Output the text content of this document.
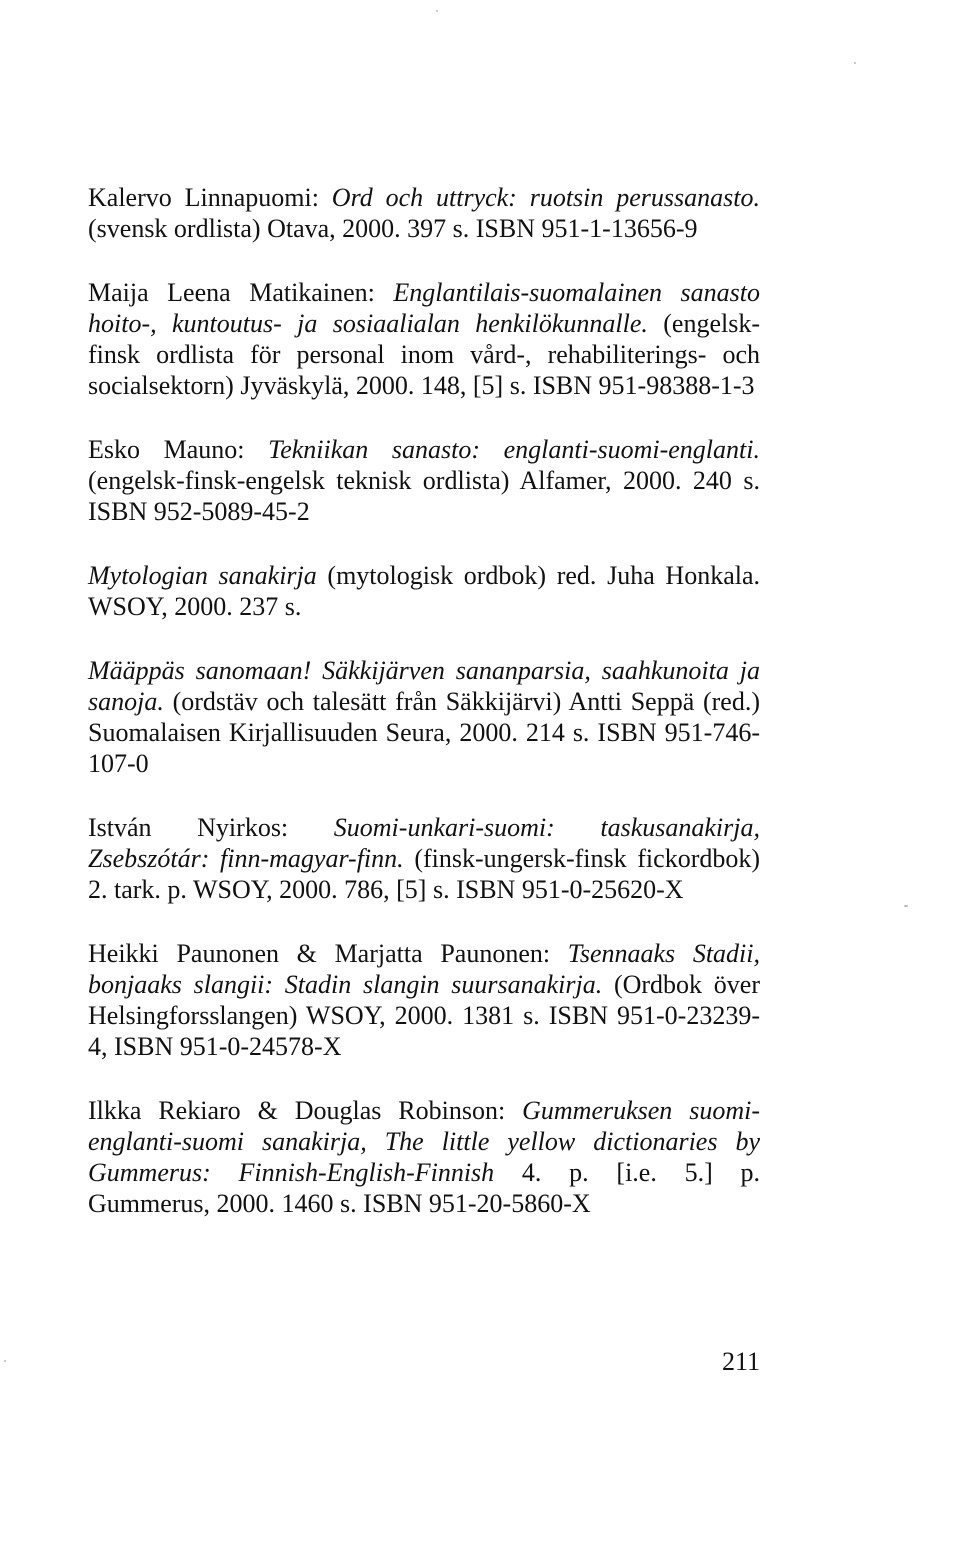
Kalervo Linnapuomi: Ord och uttryck: ruotsin perussanasto. (svensk ordlista) Otava, 2000. 397 s. ISBN 951-1-13656-9

Maija Leena Matikainen: Englantilais-suomalainen sanasto hoito-, kuntoutus- ja sosiaalialan henkilökunnalle. (engelsk-finsk ordlista för personal inom vård-, rehabiliterings- och socialsektorn) Jyväskylä, 2000. 148, [5] s. ISBN 951-98388-1-3

Esko Mauno: Tekniikan sanasto: englanti-suomi-englanti. (engelsk-finsk-engelsk teknisk ordlista) Alfamer, 2000. 240 s. ISBN 952-5089-45-2

Mytologian sanakirja (mytologisk ordbok) red. Juha Honkala. WSOY, 2000. 237 s.

Määppäs sanomaan! Säkkijärven sananparsia, saahkunoita ja sanoja. (ordstäv och talesätt från Säkkijärvi) Antti Seppä (red.) Suomalaisen Kirjallisuuden Seura, 2000. 214 s. ISBN 951-746-107-0

István Nyirkos: Suomi-unkari-suomi: taskusanakirja, Zsebszótár: finn-magyar-finn. (finsk-ungersk-finsk fickordbok) 2. tark. p. WSOY, 2000. 786, [5] s. ISBN 951-0-25620-X

Heikki Paunonen & Marjatta Paunonen: Tsennaaks Stadii, bonjaaks slangii: Stadin slangin suursanakirja. (Ordbok över Helsingforsslangen) WSOY, 2000. 1381 s. ISBN 951-0-23239-4, ISBN 951-0-24578-X

Ilkka Rekiaro & Douglas Robinson: Gummeruksen suomi-englanti-suomi sanakirja, The little yellow dictionaries by Gummerus: Finnish-English-Finnish 4. p. [i.e. 5.] p. Gummerus, 2000. 1460 s. ISBN 951-20-5860-X

211
